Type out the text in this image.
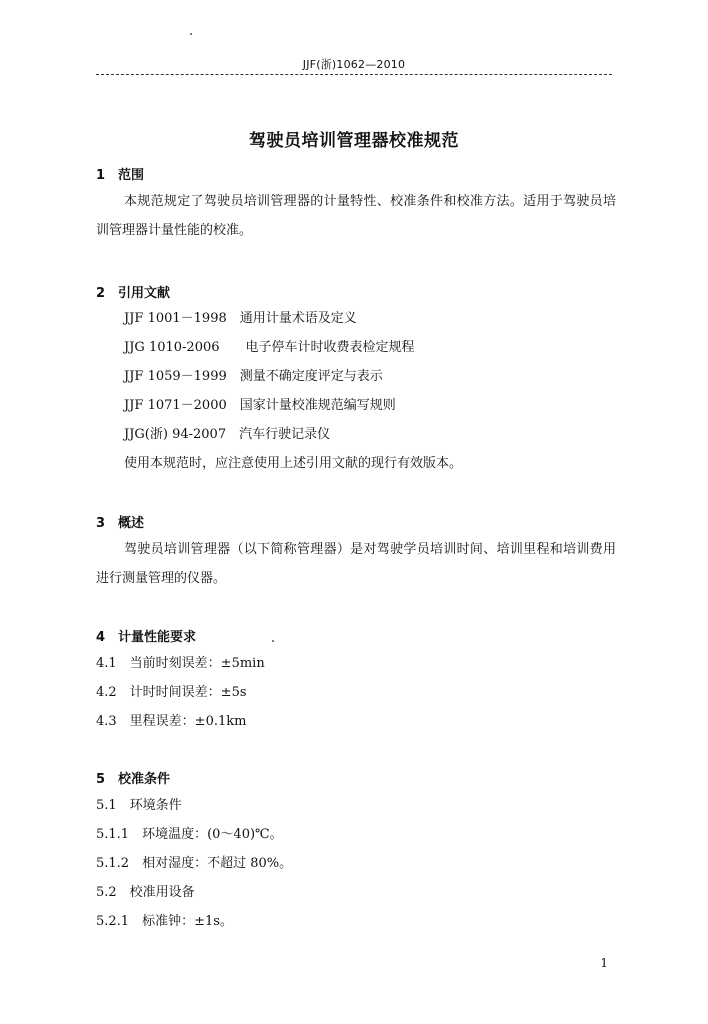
JJF(浙)1062—2010
驾驶员培训管理器校准规范
1 范围
本规范规定了驾驶员培训管理器的计量特性、校准条件和校准方法。适用于驾驶员培训管理器计量性能的校准。
2 引用文献
JJF 1001－1998　通用计量术语及定义
JJG 1010-2006　　电子停车计时收费表检定规程
JJF 1059－1999　测量不确定度评定与表示
JJF 1071－2000　国家计量校准规范编写规则
JJG(浙) 94-2007　汽车行驶记录仪
使用本规范时，应注意使用上述引用文献的现行有效版本。
3 概述
驾驶员培训管理器（以下简称管理器）是对驾驶学员培训时间、培训里程和培训费用进行测量管理的仪器。
4 计量性能要求
4.1　当前时刻误差：±5min
4.2　计时时间误差：±5s
4.3　里程误差：±0.1km
5 校准条件
5.1　环境条件
5.1.1　环境温度：(0～40)℃。
5.1.2　相对湿度：不超过 80%。
5.2　校准用设备
5.2.1　标准钟：±1s。
1
